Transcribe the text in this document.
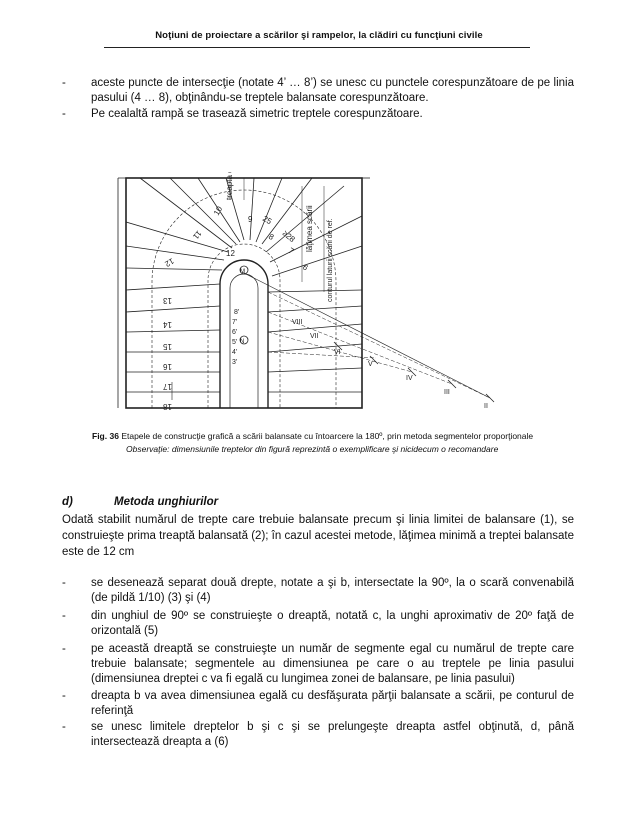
Noţiuni de proiectare a scărilor şi rampelor, la clădiri cu funcţiuni civile
- aceste puncte de intersecţie (notate 4’ … 8’) se unesc cu punctele corespunzătoare de pe linia pasului (4 … 8), obţinându-se treptele balansate corespunzătoare.
- Pe cealaltă rampă se trasează simetric treptele corespunzătoare.
treapta centrală
lăţimea scării conturul laturii scării de ref.
25
≥28
12
M
N
18
17
16
15
14
13
12
11
10
9
8
7
6
8'
7'
6'
5'
4'
3'
II
III
IV
V
VI
VII
VIII
Fig. 36 Etapele de construcţie grafică a scării balansate cu întoarcere la 180º, prin metoda segmentelor proporţionale
Observaţie: dimensiunile treptelor din figură reprezintă o exemplificare şi nicidecum o recomandare
d)	Metoda unghiurilor
Odată stabilit numărul de trepte care trebuie balansate precum şi linia limitei de balansare (1), se construieşte prima treaptă balansată (2); în cazul acestei metode, lăţimea minimă a treptei balansate este de 12 cm
- se desenează separat două drepte, notate a şi b, intersectate la 90º, la o scară convenabilă (de pildă 1/10) (3) şi (4)
- din unghiul de 90º se construieşte o dreaptă, notată c, la unghi aproximativ de 20º faţă de orizontală (5)
- pe această dreaptă se construieşte un număr de segmente egal cu numărul de trepte care trebuie balansate; segmentele au dimensiunea pe care o au treptele pe linia pasului (dimensiunea dreptei c va fi egală cu lungimea zonei de balansare, pe linia pasului)
- dreapta b va avea dimensiunea egală cu desfăşurata părţii balansate a scării, pe conturul de referinţă
- se unesc limitele dreptelor b şi c şi se prelungeşte dreapta astfel obţinută, d, până intersectează dreapta a (6)
